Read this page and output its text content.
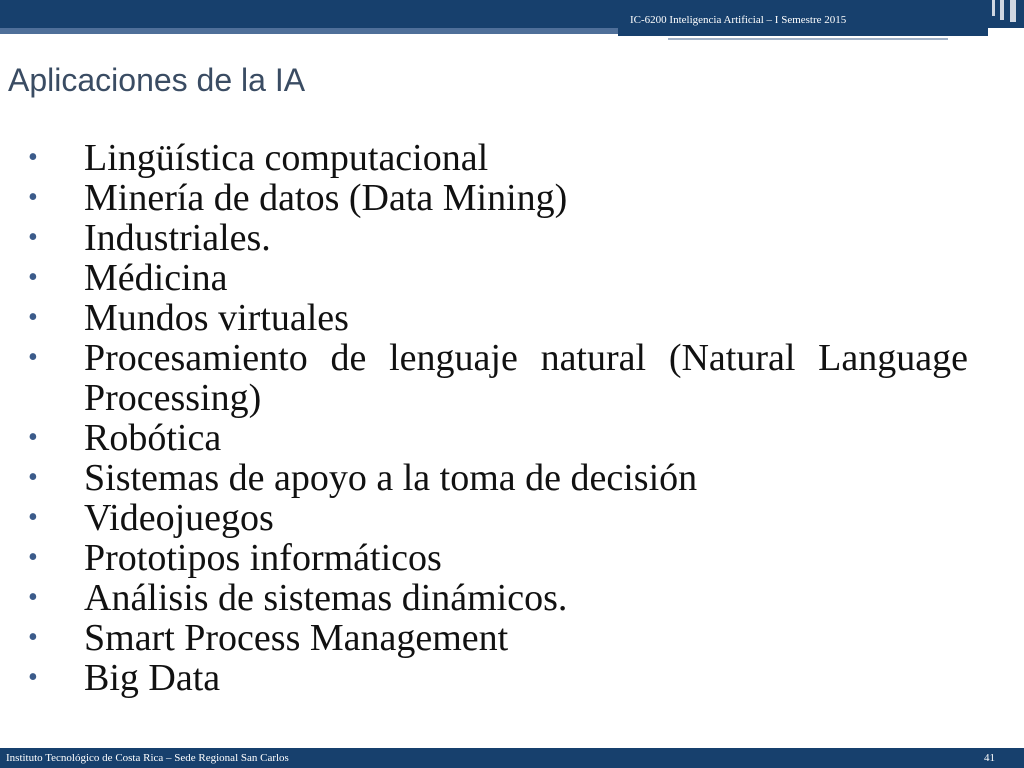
IC-6200 Inteligencia Artificial – I Semestre 2015
Aplicaciones de la IA
• Lingüística computacional
• Minería de datos (Data Mining)
• Industriales.
• Médicina
• Mundos virtuales
• Procesamiento de lenguaje natural (Natural Language Processing)
• Robótica
• Sistemas de apoyo a la toma de decisión
• Videojuegos
• Prototipos informáticos
• Análisis de sistemas dinámicos.
• Smart Process Management
• Big Data
Instituto Tecnológico de Costa Rica – Sede Regional San Carlos	41
